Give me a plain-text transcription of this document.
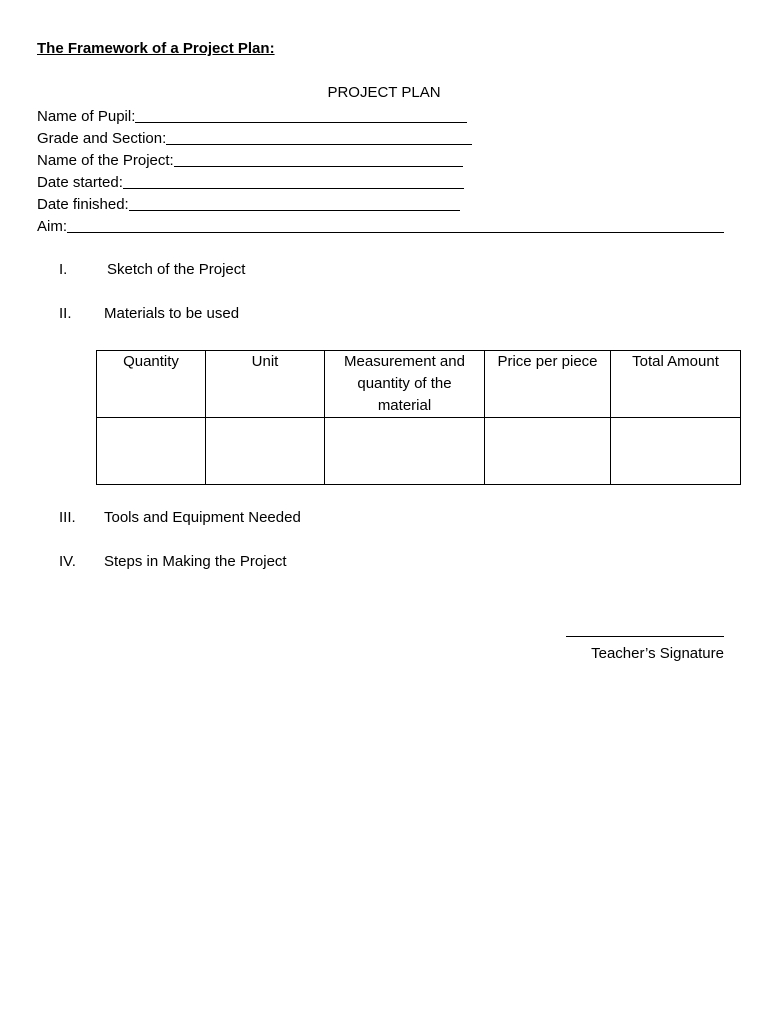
The Framework of a Project Plan:
PROJECT PLAN
Name of Pupil:
Grade and Section:
Name of the Project:
Date started:
Date finished:
Aim:
I.	Sketch of the Project
II. Materials to be used
Quantity	Unit	Measurement and quantity of the material	Price per piece	Total Amount

III. Tools and Equipment Needed
IV. Steps in Making the Project
Teacher’s Signature
